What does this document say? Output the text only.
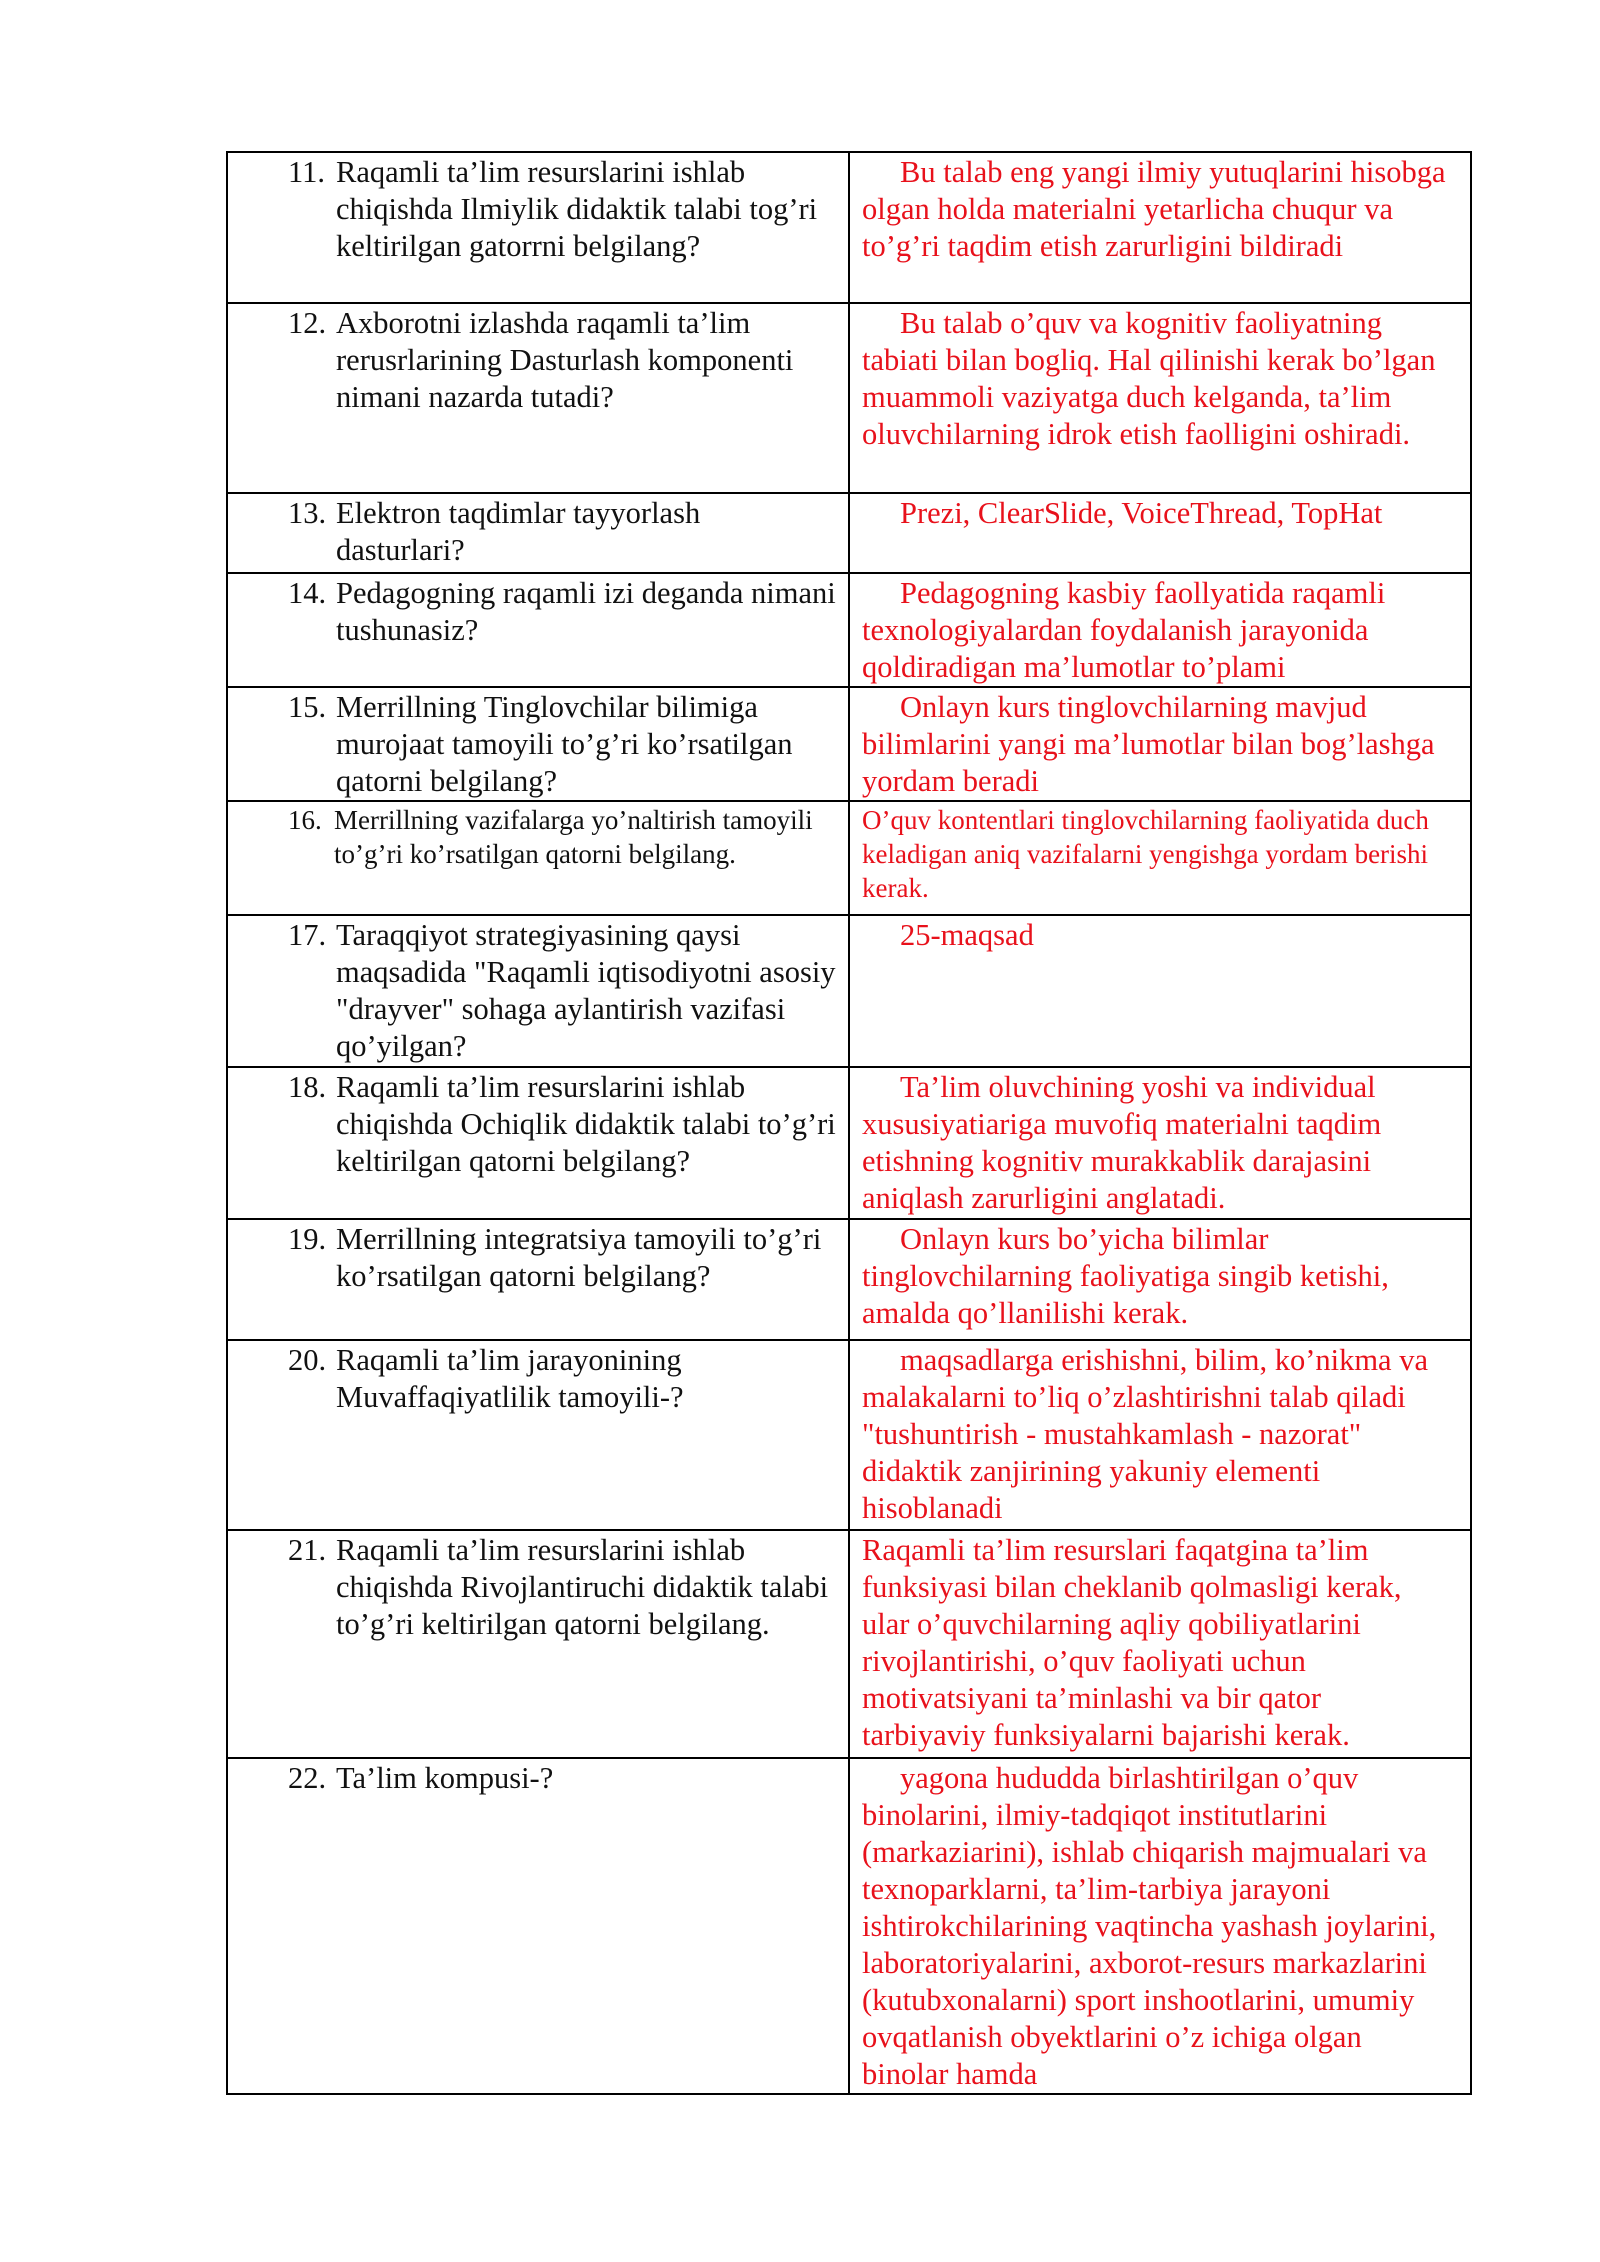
11. Raqamli ta’lim resurslarini ishlab chiqishda Ilmiylik didaktik talabi tog’ri keltirilgan gatorrni belgilang?	Bu talab eng yangi ilmiy yutuqlarini hisobga olgan holda materialni yetarlicha chuqur va to’g’ri taqdim etish zarurligini bildiradi

12. Axborotni izlashda raqamli ta’lim rerusrlarining Dasturlash komponenti nimani nazarda tutadi?	Bu talab o’quv va kognitiv faoliyatning tabiati bilan bogliq. Hal qilinishi kerak bo’lgan muammoli vaziyatga duch kelganda, ta’lim oluvchilarning idrok etish faolligini oshiradi.

13. Elektron taqdimlar tayyorlash dasturlari?	Prezi, ClearSlide, VoiceThread, TopHat

14. Pedagogning raqamli izi deganda nimani tushunasiz?	Pedagogning kasbiy faollyatida raqamli texnologiyalardan foydalanish jarayonida qoldiradigan ma’lumotlar to’plami

15. Merrillning Tinglovchilar bilimiga murojaat tamoyili to’g’ri ko’rsatilgan qatorni belgilang?	Onlayn kurs tinglovchilarning mavjud bilimlarini yangi ma’lumotlar bilan bog’lashga yordam beradi

16. Merrillning vazifalarga yo’naltirish tamoyili to’g’ri ko’rsatilgan qatorni belgilang.	O’quv kontentlari tinglovchilarning faoliyatida duch keladigan aniq vazifalarni yengishga yordam berishi kerak.

17. Taraqqiyot strategiyasining qaysi maqsadida "Raqamli iqtisodiyotni asosiy "drayver" sohaga aylantirish vazifasi qo’yilgan?	25-maqsad

18. Raqamli ta’lim resurslarini ishlab chiqishda Ochiqlik didaktik talabi to’g’ri keltirilgan qatorni belgilang?	Ta’lim oluvchining yoshi va individual xususiyatiariga muvofiq materialni taqdim etishning kognitiv murakkablik darajasini aniqlash zarurligini anglatadi.

19. Merrillning integratsiya tamoyili to’g’ri ko’rsatilgan qatorni belgilang?	Onlayn kurs bo’yicha bilimlar tinglovchilarning faoliyatiga singib ketishi, amalda qo’llanilishi kerak.

20. Raqamli ta’lim jarayonining Muvaffaqiyatlilik tamoyili-?	maqsadlarga erishishni, bilim, ko’nikma va malakalarni to’liq o’zlashtirishni talab qiladi "tushuntirish - mustahkamlash - nazorat" didaktik zanjirining yakuniy elementi hisoblanadi

21. Raqamli ta’lim resurslarini ishlab chiqishda Rivojlantiruchi didaktik talabi to’g’ri keltirilgan qatorni belgilang.	Raqamli ta’lim resurslari faqatgina ta’lim funksiyasi bilan cheklanib qolmasligi kerak, ular o’quvchilarning aqliy qobiliyatlarini rivojlantirishi, o’quv faoliyati uchun motivatsiyani ta’minlashi va bir qator tarbiyaviy funksiyalarni bajarishi kerak.

22. Ta’lim kompusi-?	yagona hududda birlashtirilgan o’quv binolarini, ilmiy-tadqiqot institutlarini (markaziarini), ishlab chiqarish majmualari va texnoparklarni, ta’lim-tarbiya jarayoni ishtirokchilarining vaqtincha yashash joylarini, laboratoriyalarini, axborot-resurs markazlarini (kutubxonalarni) sport inshootlarini, umumiy ovqatlanish obyektlarini o’z ichiga olgan binolar hamda
